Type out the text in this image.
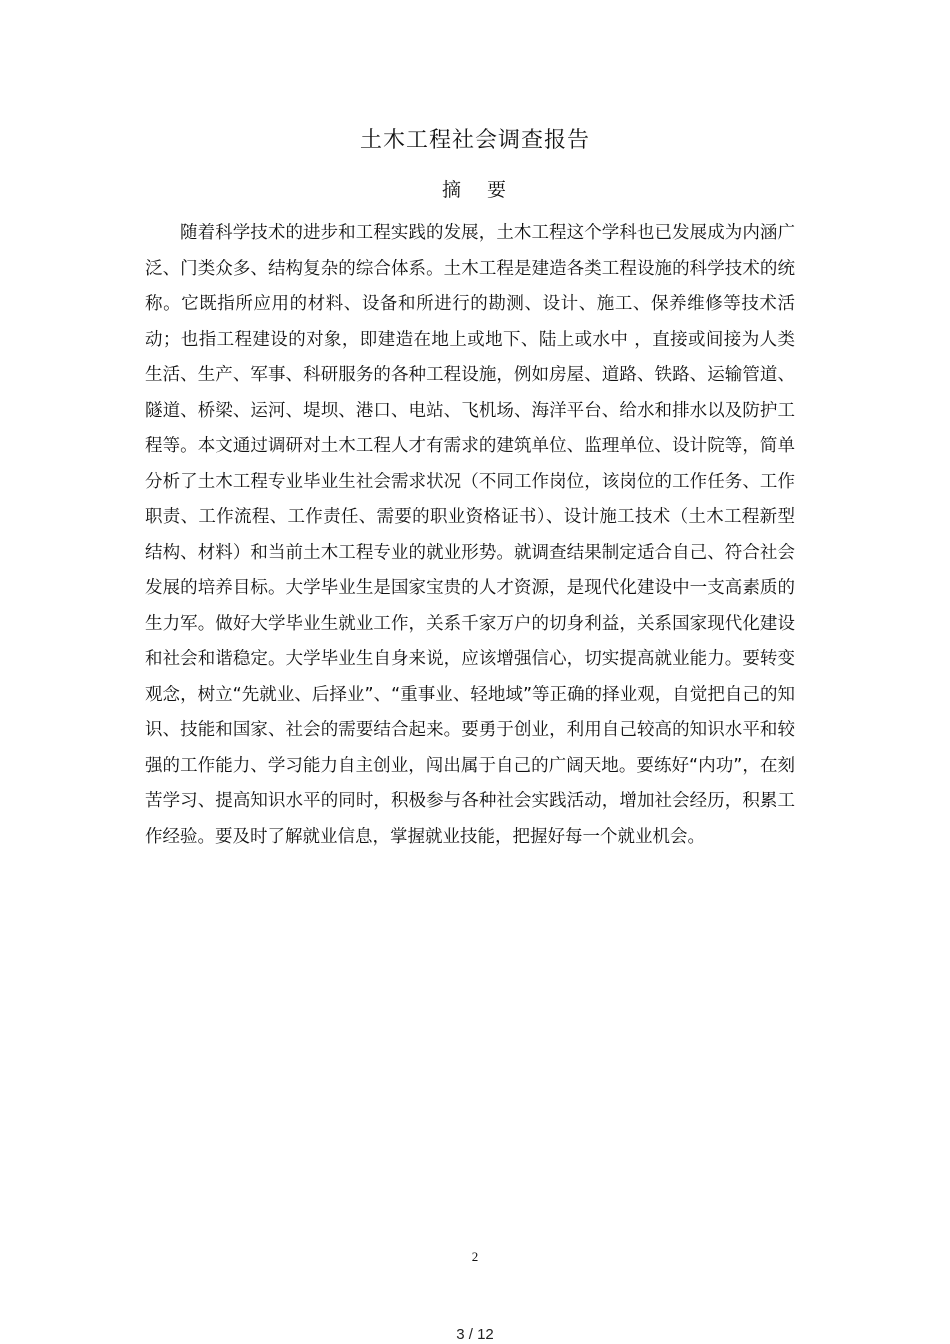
土木工程社会调查报告
摘 要

随着科学技术的进步和工程实践的发展，土木工程这个学科也已发展成为内涵广泛、门类众多、结构复杂的综合体系。土木工程是建造各类工程设施的科学技术的统称。它既指所应用的材料、设备和所进行的勘测、设计、施工、保养维修等技术活动；也指工程建设的对象，即建造在地上或地下、陆上或水中 ，直接或间接为人类生活、生产、军事、科研服务的各种工程设施，例如房屋、道路、铁路、运输管道、隧道、桥梁、运河、堤坝、港口、电站、飞机场、海洋平台、给水和排水以及防护工程等。本文通过调研对土木工程人才有需求的建筑单位、监理单位、设计院等，简单分析了土木工程专业毕业生社会需求状况（不同工作岗位，该岗位的工作任务、工作职责、工作流程、工作责任、需要的职业资格证书）、设计施工技术（土木工程新型结构、材料）和当前土木工程专业的就业形势。就调查结果制定适合自己、符合社会发展的培养目标。大学毕业生是国家宝贵的人才资源，是现代化建设中一支高素质的生力军。做好大学毕业生就业工作，关系千家万户的切身利益，关系国家现代化建设和社会和谐稳定。大学毕业生自身来说，应该增强信心，切实提高就业能力。要转变观念，树立“先就业、后择业”、“重事业、轻地域”等正确的择业观，自觉把自己的知识、技能和国家、社会的需要结合起来。要勇于创业，利用自己较高的知识水平和较强的工作能力、学习能力自主创业，闯出属于自己的广阔天地。要练好“内功”，在刻苦学习、提高知识水平的同时，积极参与各种社会实践活动，增加社会经历，积累工作经验。要及时了解就业信息，掌握就业技能，把握好每一个就业机会。

2
3 / 12
